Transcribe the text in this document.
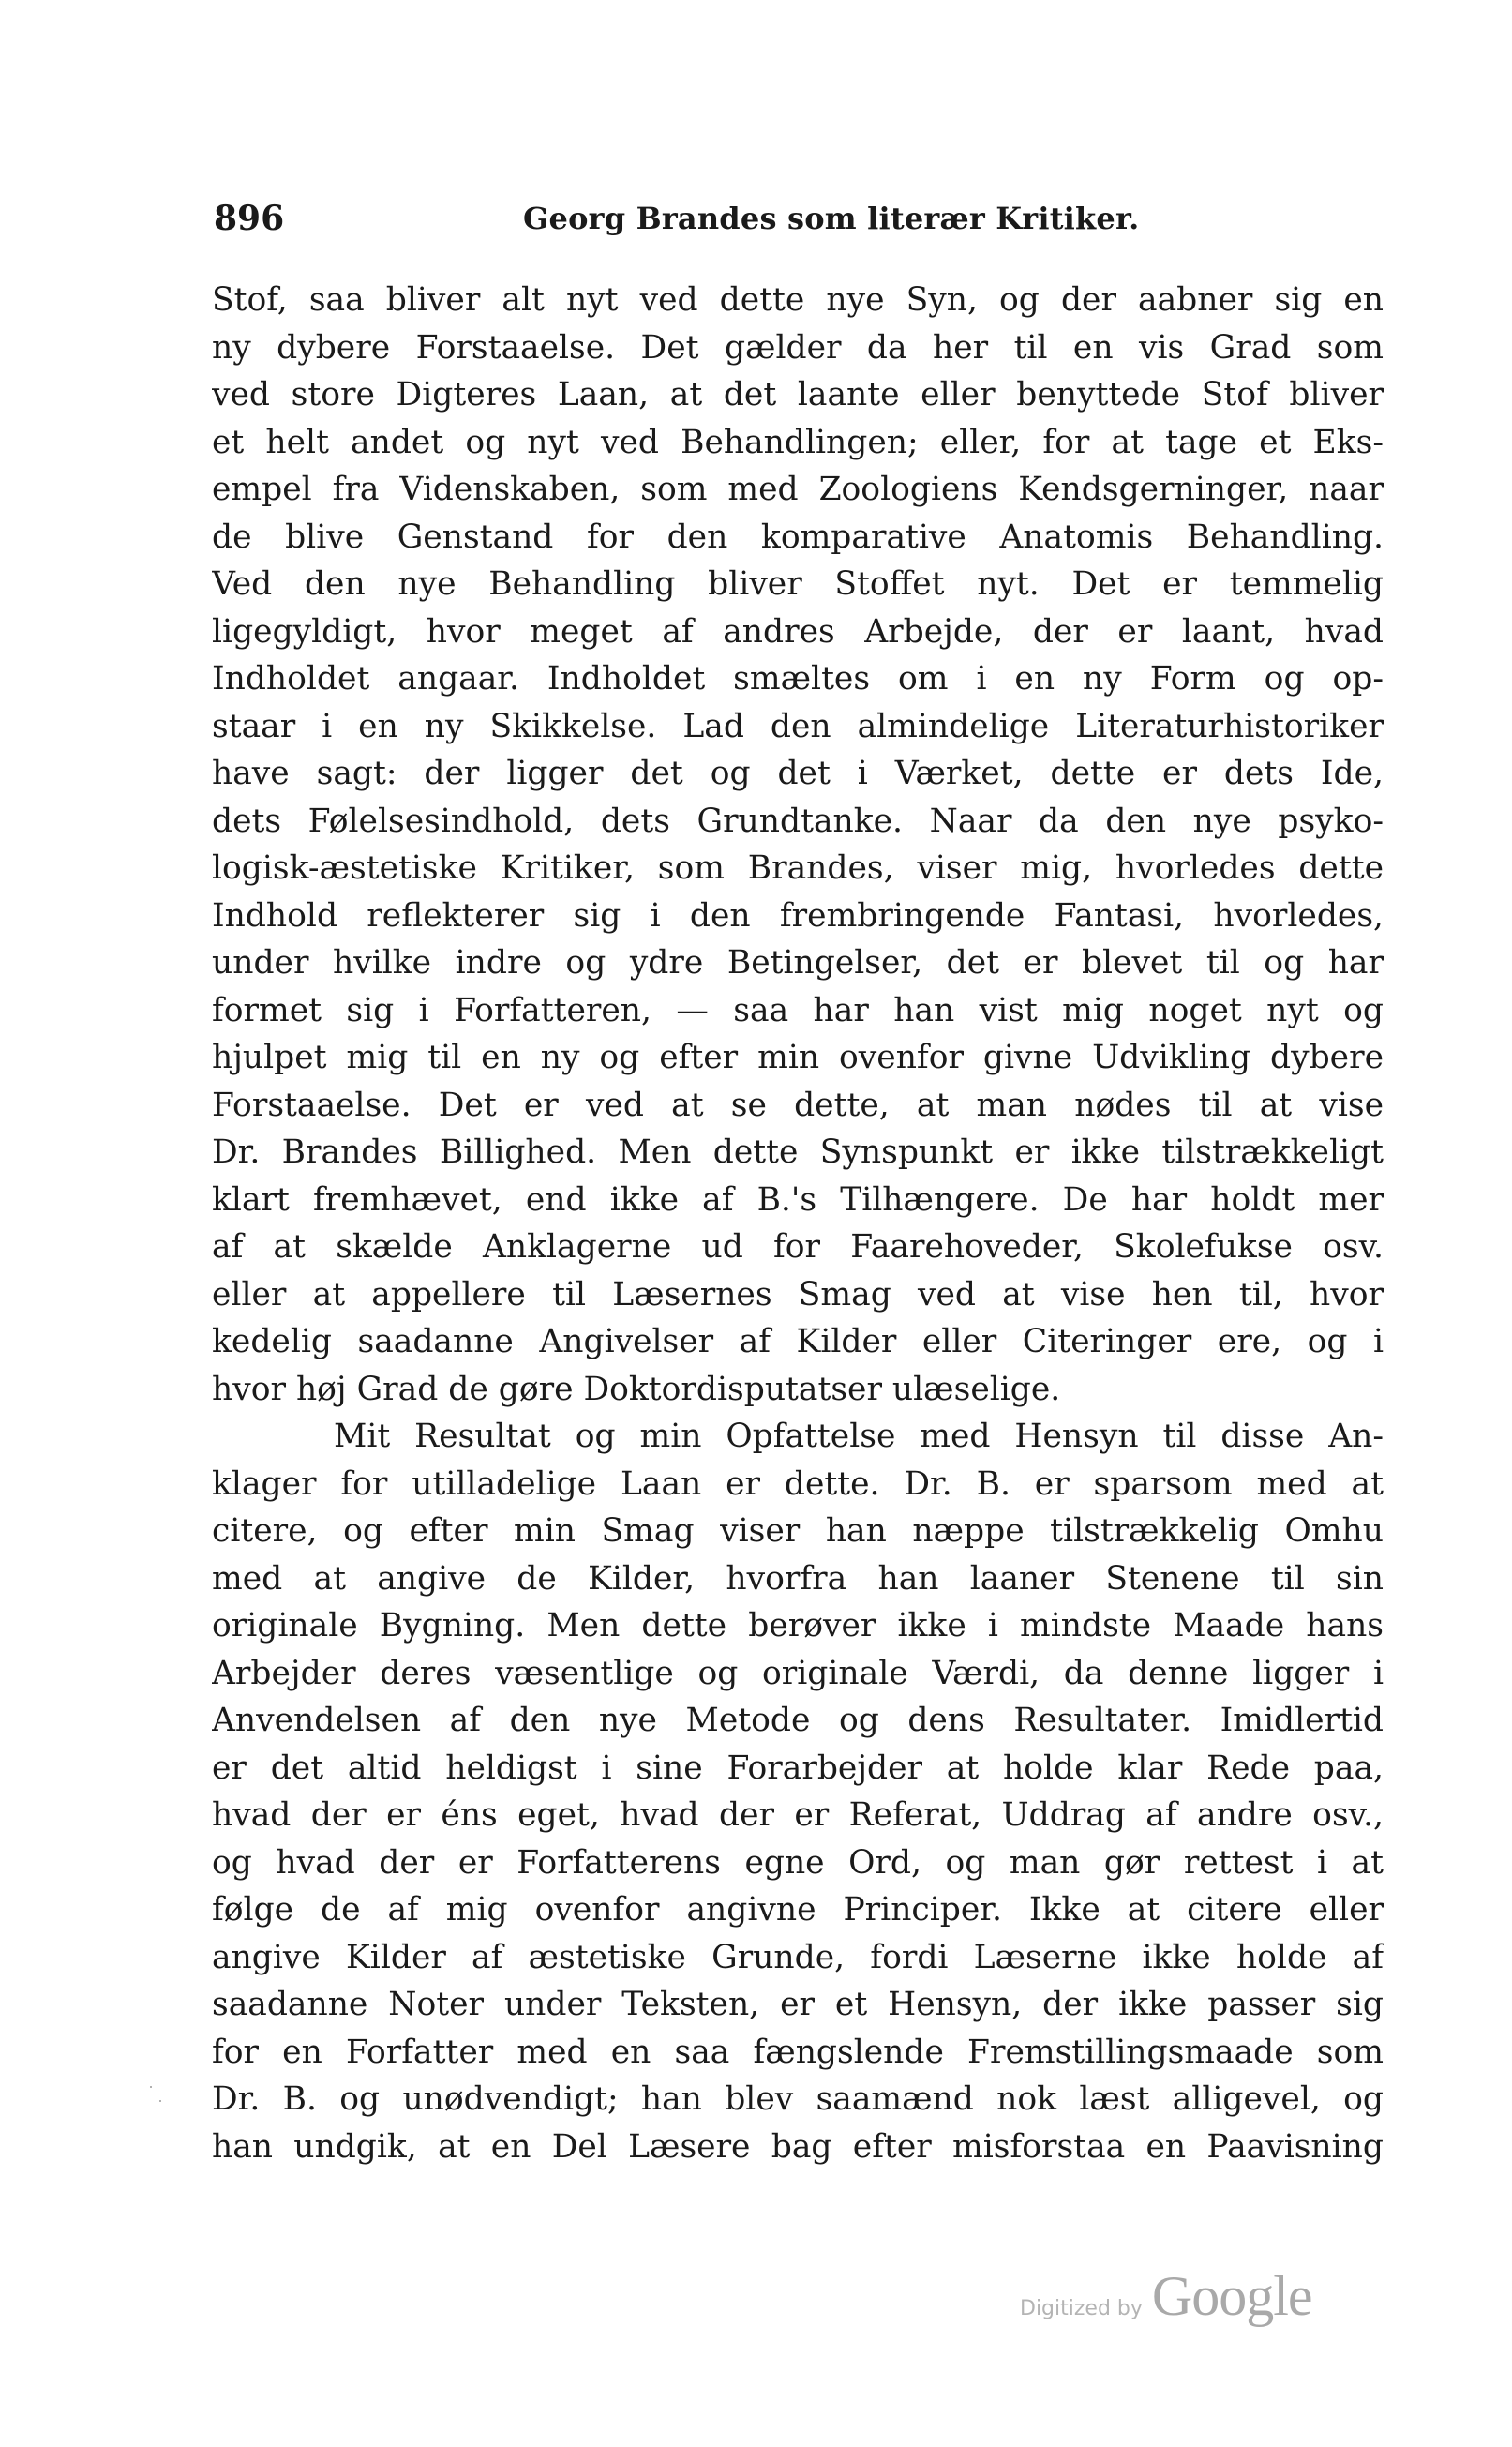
896	Georg Brandes som literær Kritiker.
Stof, saa bliver alt nyt ved dette nye Syn, og der aabner sig en
ny dybere Forstaaelse. Det gælder da her til en vis Grad som
ved store Digteres Laan, at det laante eller benyttede Stof bliver
et helt andet og nyt ved Behandlingen; eller, for at tage et Eks-
empel fra Videnskaben, som med Zoologiens Kendsgerninger, naar
de blive Genstand for den komparative Anatomis Behandling.
Ved den nye Behandling bliver Stoffet nyt. Det er temmelig
ligegyldigt, hvor meget af andres Arbejde, der er laant, hvad
Indholdet angaar. Indholdet smæltes om i en ny Form og op-
staar i en ny Skikkelse. Lad den almindelige Literaturhistoriker
have sagt: der ligger det og det i Værket, dette er dets Ide,
dets Følelsesindhold, dets Grundtanke. Naar da den nye psyko-
logisk-æstetiske Kritiker, som Brandes, viser mig, hvorledes dette
Indhold reflekterer sig i den frembringende Fantasi, hvorledes,
under hvilke indre og ydre Betingelser, det er blevet til og har
formet sig i Forfatteren, — saa har han vist mig noget nyt og
hjulpet mig til en ny og efter min ovenfor givne Udvikling dybere
Forstaaelse. Det er ved at se dette, at man nødes til at vise
Dr. Brandes Billighed. Men dette Synspunkt er ikke tilstrækkeligt
klart fremhævet, end ikke af B.'s Tilhængere. De har holdt mer
af at skælde Anklagerne ud for Faarehoveder, Skolefukse osv.
eller at appellere til Læsernes Smag ved at vise hen til, hvor
kedelig saadanne Angivelser af Kilder eller Citeringer ere, og i
hvor høj Grad de gøre Doktordisputatser ulæselige.
Mit Resultat og min Opfattelse med Hensyn til disse An-
klager for utilladelige Laan er dette. Dr. B. er sparsom med at
citere, og efter min Smag viser han næppe tilstrækkelig Omhu
med at angive de Kilder, hvorfra han laaner Stenene til sin
originale Bygning. Men dette berøver ikke i mindste Maade hans
Arbejder deres væsentlige og originale Værdi, da denne ligger i
Anvendelsen af den nye Metode og dens Resultater. Imidlertid
er det altid heldigst i sine Forarbejder at holde klar Rede paa,
hvad der er éns eget, hvad der er Referat, Uddrag af andre osv.,
og hvad der er Forfatterens egne Ord, og man gør rettest i at
følge de af mig ovenfor angivne Principer. Ikke at citere eller
angive Kilder af æstetiske Grunde, fordi Læserne ikke holde af
saadanne Noter under Teksten, er et Hensyn, der ikke passer sig
for en Forfatter med en saa fængslende Fremstillingsmaade som
Dr. B. og unødvendigt; han blev saamænd nok læst alligevel, og
han undgik, at en Del Læsere bag efter misforstaa en Paavisning
Digitized by Google
